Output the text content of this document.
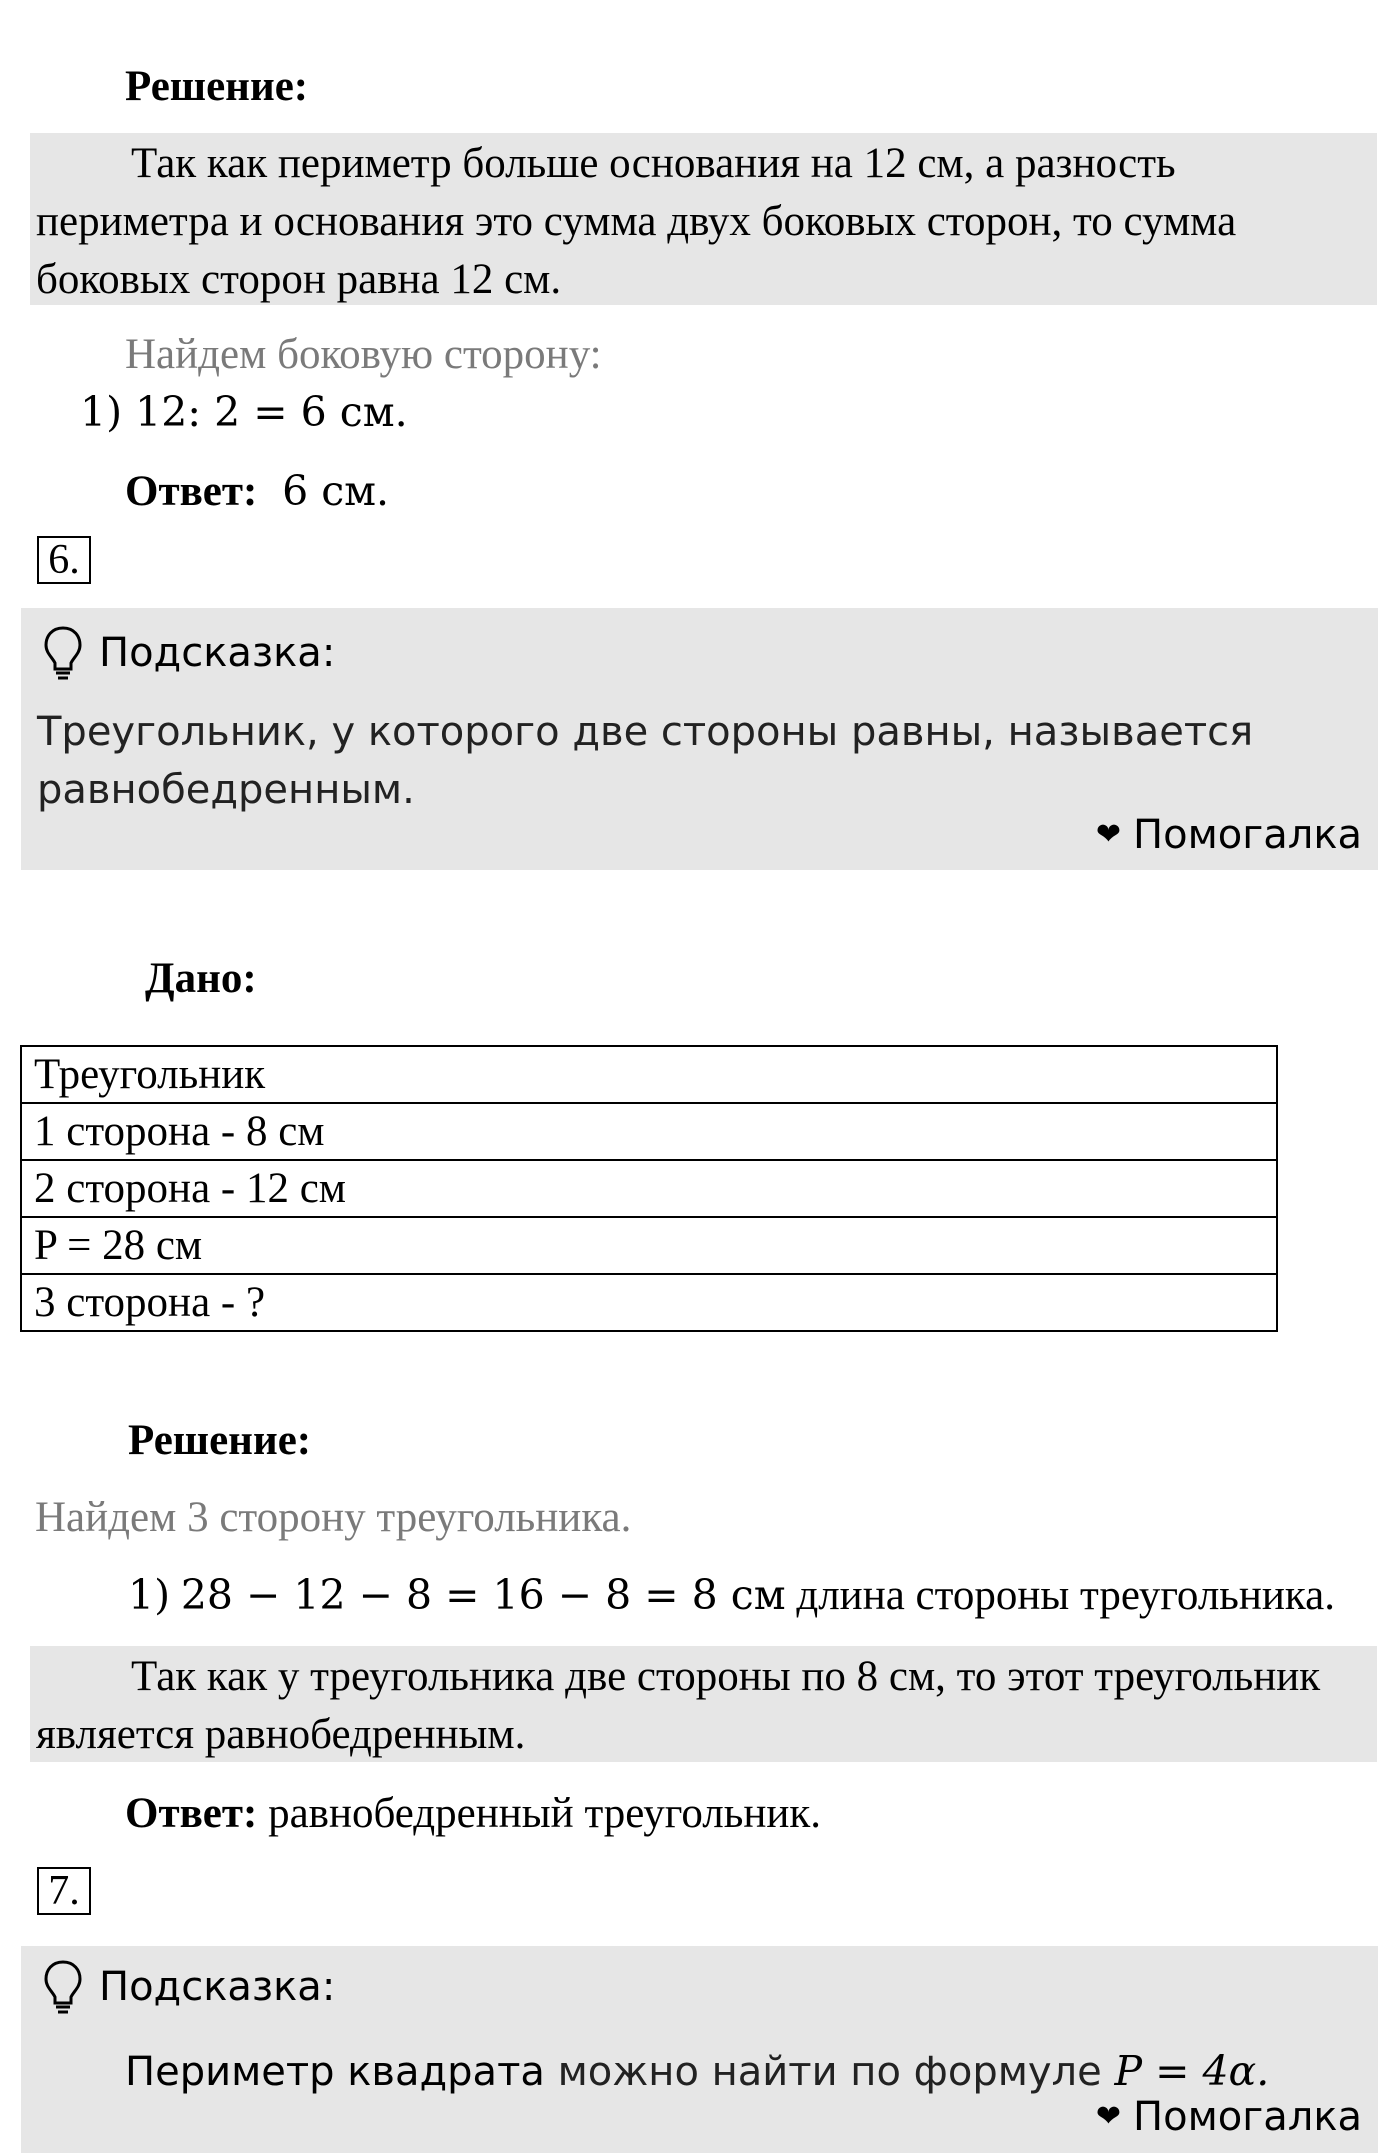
Решение:
Так как периметр больше основания на 12 см, а разность периметра и основания это сумма двух боковых сторон, то сумма боковых сторон равна 12 см.
Найдем боковую сторону:
1) 12: 2 = 6 см.
Ответ: 6 см.
6.
Подсказка:
Треугольник, у которого две стороны равны, называется равнобедренным.
❤ Помогалка
Дано:
Треугольник
1 сторона - 8 см
2 сторона - 12 см
P = 28 см
3 сторона - ?
Решение:
Найдем 3 сторону треугольника.
1) 28 − 12 − 8 = 16 − 8 = 8 см длина стороны треугольника.
Так как у треугольника две стороны по 8 см, то этот треугольник является равнобедренным.
Ответ: равнобедренный треугольник.
7.
Подсказка:
Периметр квадрата можно найти по формуле P = 4α.
❤ Помогалка
